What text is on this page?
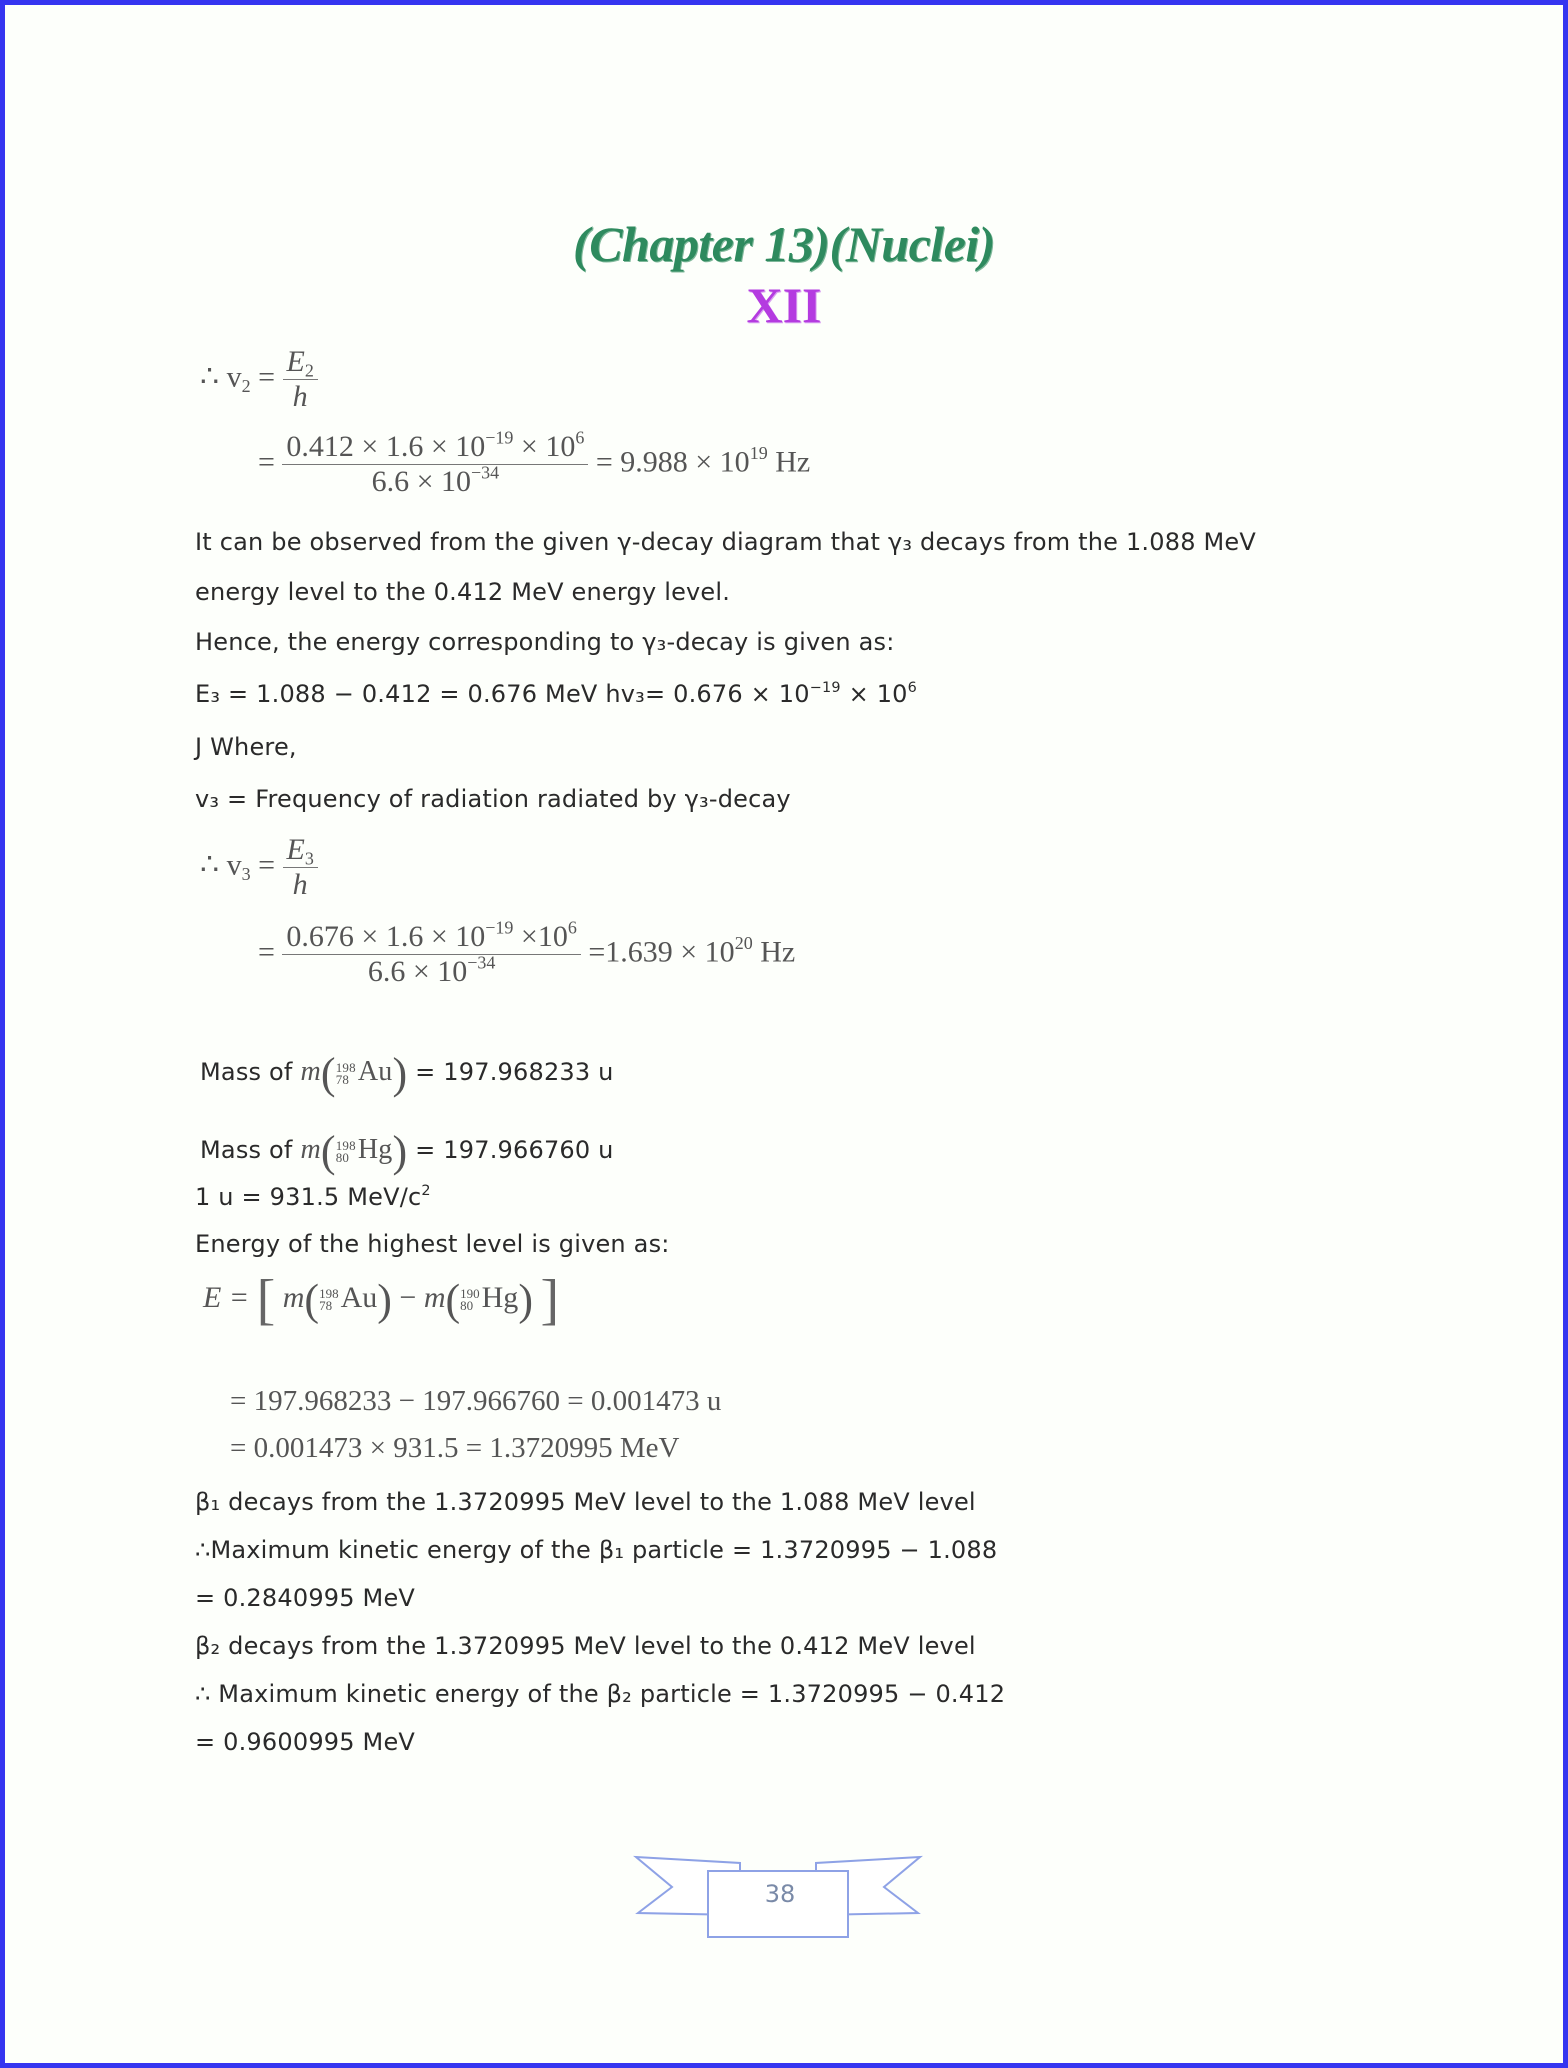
(Chapter 13)(Nuclei)
XII
∴ $v_2 = \frac{E_2}{h}$
= $\frac{0.412 \times 1.6 \times 10^{-19} \times 10^6}{6.6 \times 10^{-34}} = 9.988 \times 10^{19}$ Hz
It can be observed from the given γ-decay diagram that γ₃ decays from the 1.088 MeV
energy level to the 0.412 MeV energy level.
Hence, the energy corresponding to γ₃-decay is given as:
E₃ = 1.088 − 0.412 = 0.676 MeV $hv_3= 0.676 \times 10^{-19} \times 10^6$
J Where,
v₃ = Frequency of radiation radiated by γ₃-decay
∴ $v_3 = \frac{E_3}{h}$
= $\frac{0.676 \times 1.6 \times 10^{-19} \times 10^6}{6.6 \times 10^{-34}} =1.639 \times 10^{20}$ Hz
Mass of m( 198
78 Au) = 197.968233 u
Mass of m( 198
80 Hg) = 197.966760 u
1 u = 931.5 MeV/$c^2$
Energy of the highest level is given as:
E = [ m( 198
78 Au) − m( 190
80 Hg) ]
= 197.968233 − 197.966760 = 0.001473 u
= 0.001473 × 931.5 = 1.3720995 MeV
β₁ decays from the 1.3720995 MeV level to the 1.088 MeV level
∴Maximum kinetic energy of the β₁ particle = 1.3720995 − 1.088
= 0.2840995 MeV
β₂ decays from the 1.3720995 MeV level to the 0.412 MeV level
∴ Maximum kinetic energy of the β₂ particle = 1.3720995 − 0.412
= 0.9600995 MeV
38
